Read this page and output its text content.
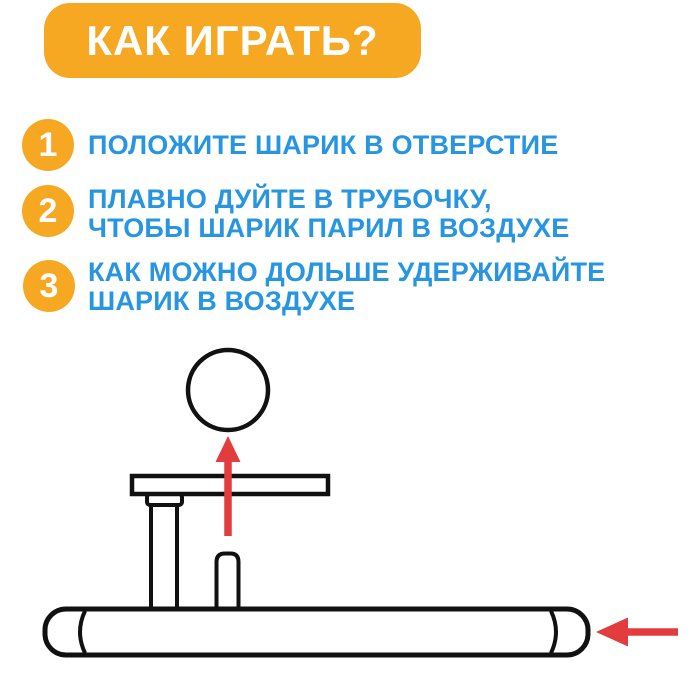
КАК ИГРАТЬ?
1 ПОЛОЖИТЕ ШАРИК В ОТВЕРСТИЕ
2 ПЛАВНО ДУЙТЕ В ТРУБОЧКУ,
ЧТОБЫ ШАРИК ПАРИЛ В ВОЗДУХЕ
3 КАК МОЖНО ДОЛЬШЕ УДЕРЖИВАЙТЕ
ШАРИК В ВОЗДУХЕ
